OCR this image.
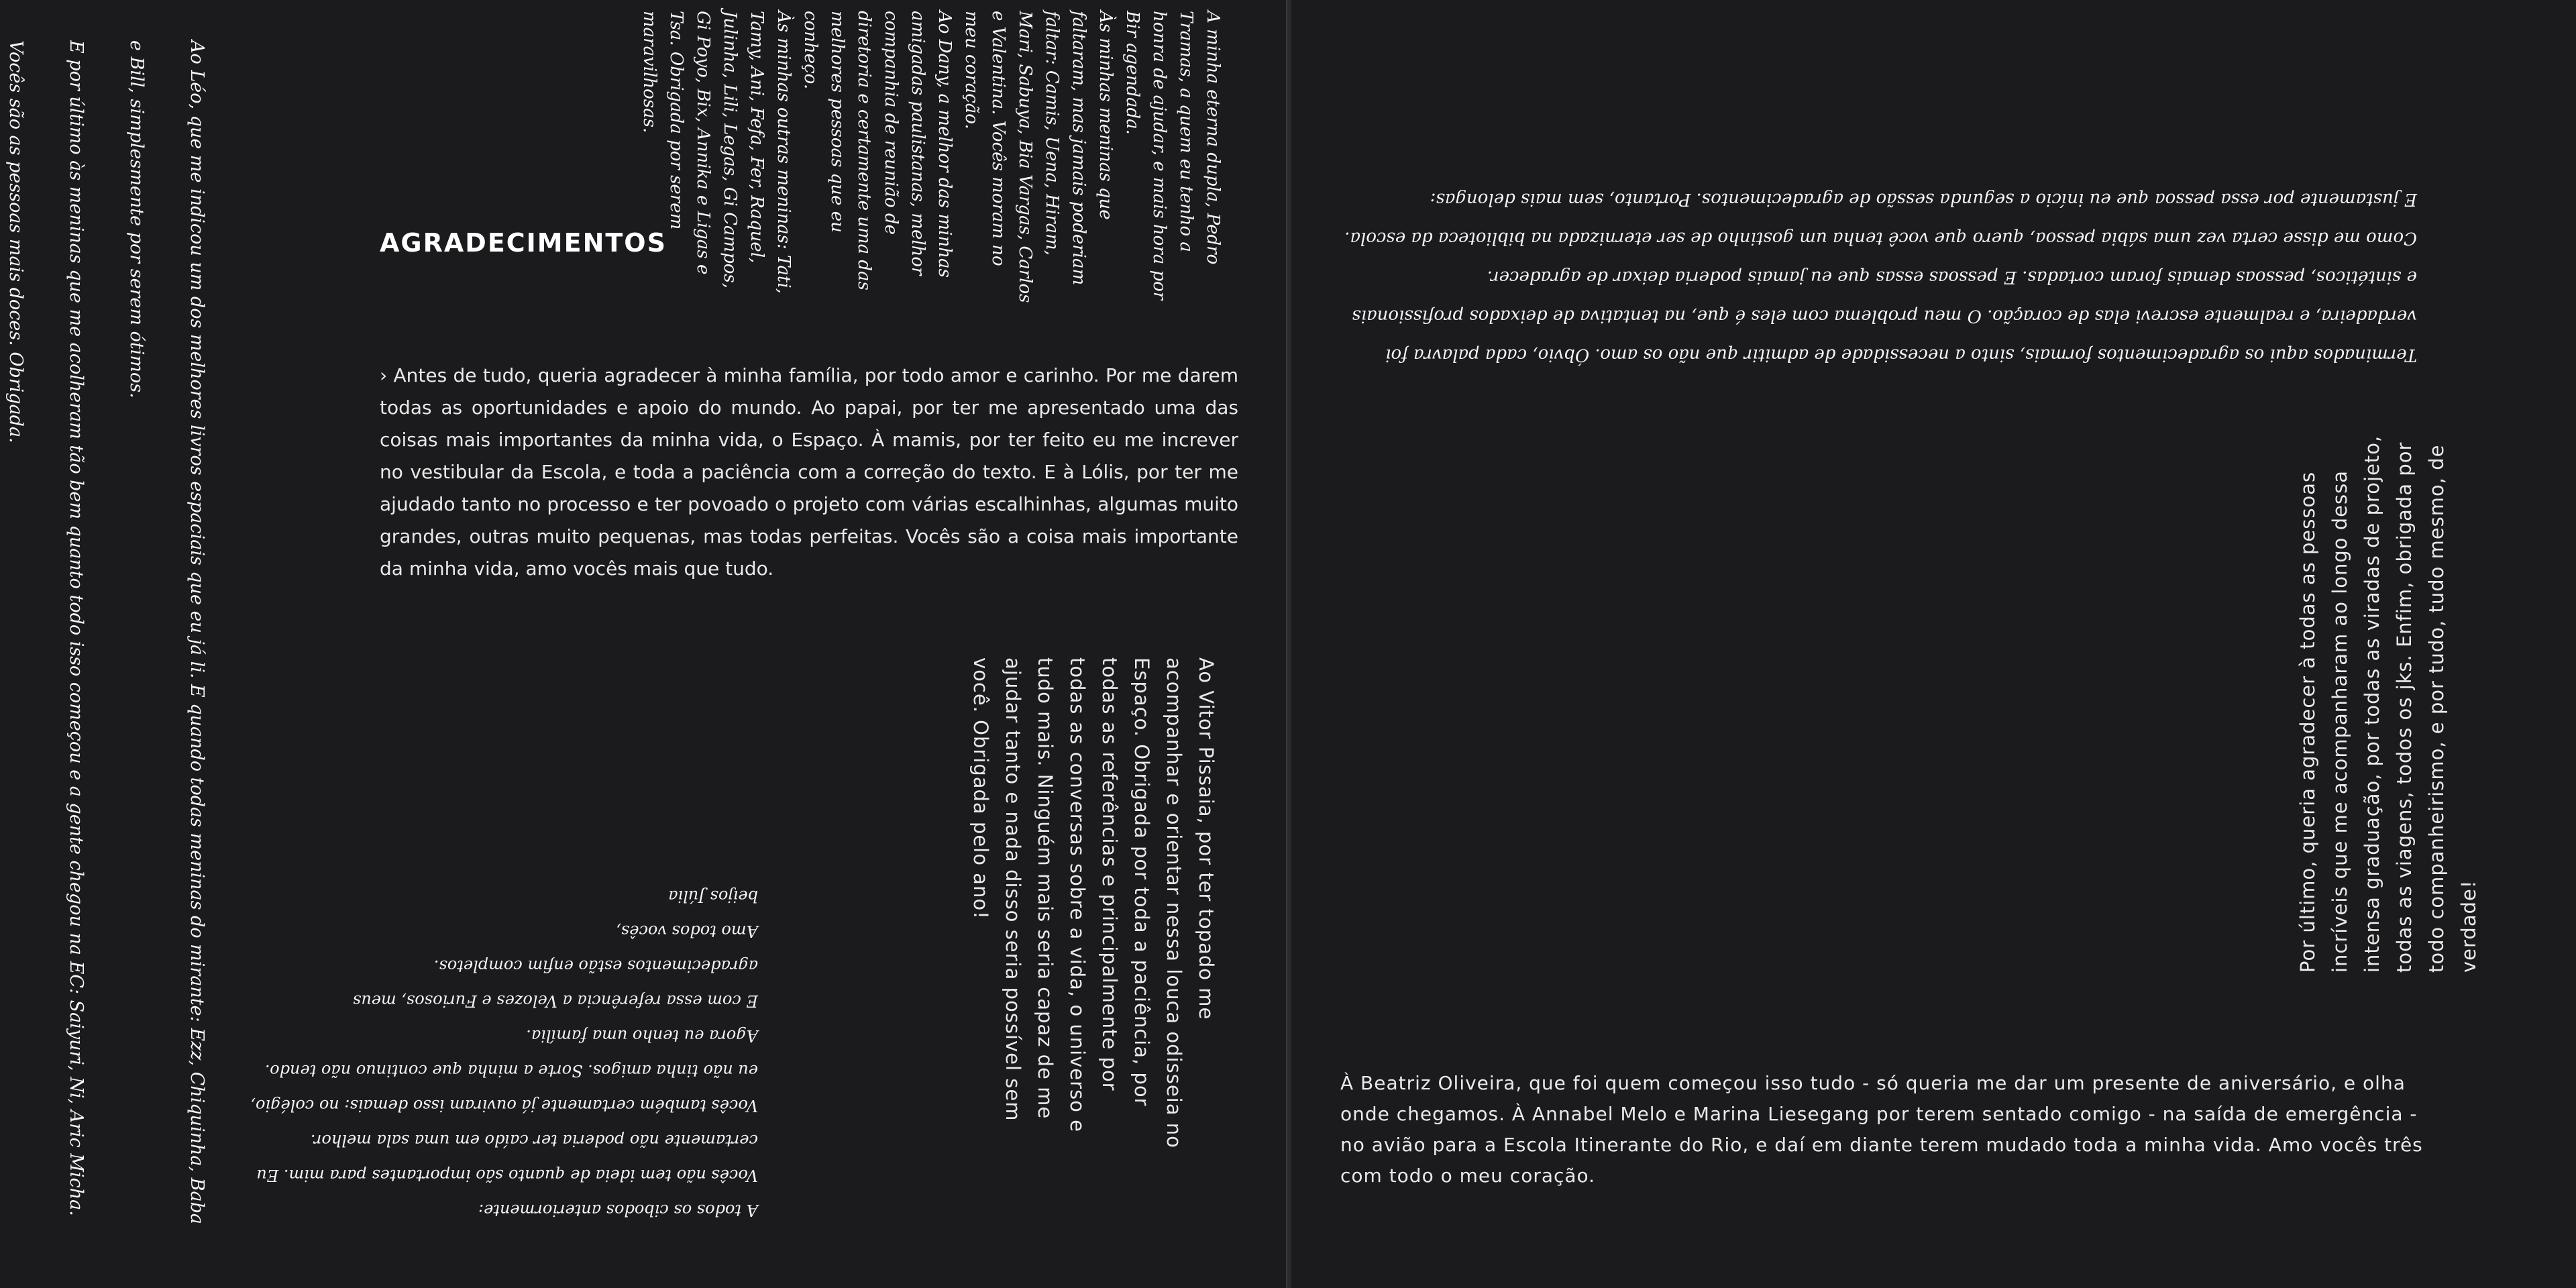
A minha eterna dupla, Pedro Tramas, a quem eu tenho a honra de ajudar, e mais hora por Bir agendada.
Às minhas meninas que faltaram, mas jamais poderiam faltar: Camis, Uena, Hiram, Mari, Sabuya, Bia Vargas, Carlos e Valentina. Vocês moram no meu coração.
Ao Dany, a melhor das minhas amigadas paulistanas, melhor companhia de reunião de diretoria e certamente uma das melhores pessoas que eu conheço.
Às minhas outras meninas: Tati, Tamy, Ani, Fefa, Fer, Raquel, Julinha, Lili, Legas, Gi Campos, Gi Poyo, Bix, Annika e Ligas e Tsa. Obrigada por serem maravilhosas.
Ao Léo, que me indicou um dos melhores livros espaciais que eu já li. E quando todas meninas do mirante: Ezz, Chiquinha, Baba e Bill, simplesmente por serem ótimos.
E por último às meninas que me acolheram tão bem quanto todo isso começou e a gente chegou na EC: Saiyuri, Ni, Aric Micha. Vocês são as pessoas mais doces. Obrigada.
AGRADECIMENTOS
› Antes de tudo, queria agradecer à minha família, por todo amor e carinho. Por me darem todas as oportunidades e apoio do mundo. Ao papai, por ter me apresentado uma das coisas mais importantes da minha vida, o Espaço. À mamis, por ter feito eu me increver no vestibular da Escola, e toda a paciência com a correção do texto. E à Lólis, por ter me ajudado tanto no processo e ter povoado o projeto com várias escalhinhas, algumas muito grandes, outras muito pequenas, mas todas perfeitas. Vocês são a coisa mais importante da minha vida, amo vocês mais que tudo.
A todos os cibodos anteriormente:
Vocês não tem ideia de quanto são importantes para mim. Eu certamente não poderia ter caído em uma sala melhor.
Vocês também certamente já ouviram isso demais: no colégio, eu não tinha amigos. Sorte a minha que continuo não tendo. Agora eu tenho uma família.
E com essa referência a Velozes e Furiosos, meus agradecimentos estão enfim completos.
Amo todos vocês,
beijos Júlia	Ao Vitor Pissaia, por ter topado me acompanhar e orientar nessa louca odisseia no Espaço. Obrigada por toda a paciência, por todas as referências e principalmente por todas as conversas sobre a vida, o universo e tudo mais. Ninguém mais seria capaz de me ajudar tanto e nada disso seria possível sem você. Obrigada pelo ano!
Terminados aqui os agradecimentos formais, sinto a necessidade de admitir que não os amo. Óbvio, cada palavra foi verdadeira, e realmente escrevi elas de coração. O meu problema com eles é que, na tentativa de deixados profissionais e sintéticos, pessoas demais foram cortadas. E pessoas essas que eu jamais poderia deixar de agradecer.
Como me disse certa vez uma sábia pessoa, quero que você tenha um gostinho de ser eternizada na biblioteca da escola. E justamente por essa pessoa que eu início a segunda sessão de agradecimentos. Portanto, sem mais delongas:
Por último, queria agradecer à todas as pessoas incríveis que me acompanharam ao longo dessa intensa graduação, por todas as viradas de projeto, todas as viagens, todos os jks. Enfim, obrigada por todo companheirismo, e por tudo, tudo mesmo, de verdade!
À Beatriz Oliveira, que foi quem começou isso tudo - só queria me dar um presente de aniversário, e olha onde chegamos. À Annabel Melo e Marina Liesegang por terem sentado comigo - na saída de emergência - no avião para a Escola Itinerante do Rio, e daí em diante terem mudado toda a minha vida. Amo vocês três com todo o meu coração.
